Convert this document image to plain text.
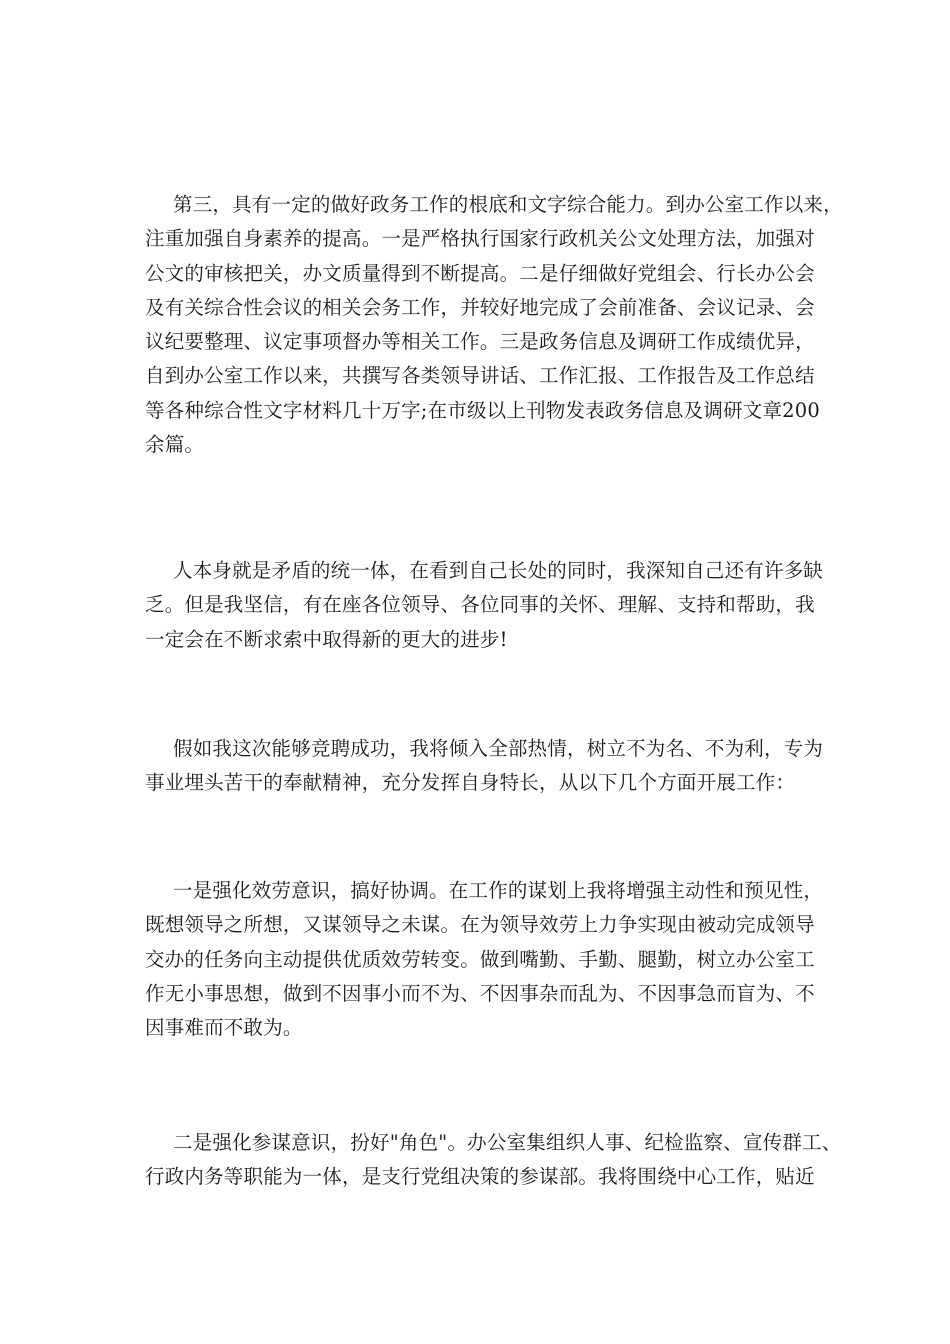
第三，具有一定的做好政务工作的根底和文字综合能力。到办公室工作以来，
注重加强自身素养的提高。一是严格执行国家行政机关公文处理方法，加强对
公文的审核把关，办文质量得到不断提高。二是仔细做好党组会、行长办公会
及有关综合性会议的相关会务工作，并较好地完成了会前准备、会议记录、会
议纪要整理、议定事项督办等相关工作。三是政务信息及调研工作成绩优异，
自到办公室工作以来，共撰写各类领导讲话、工作汇报、工作报告及工作总结
等各种综合性文字材料几十万字;在市级以上刊物发表政务信息及调研文章200
余篇。
人本身就是矛盾的统一体，在看到自己长处的同时，我深知自己还有许多缺
乏。但是我坚信，有在座各位领导、各位同事的关怀、理解、支持和帮助，我
一定会在不断求索中取得新的更大的进步!
假如我这次能够竞聘成功，我将倾入全部热情，树立不为名、不为利，专为
事业埋头苦干的奉献精神，充分发挥自身特长，从以下几个方面开展工作：
一是强化效劳意识，搞好协调。在工作的谋划上我将增强主动性和预见性，
既想领导之所想，又谋领导之未谋。在为领导效劳上力争实现由被动完成领导
交办的任务向主动提供优质效劳转变。做到嘴勤、手勤、腿勤，树立办公室工
作无小事思想，做到不因事小而不为、不因事杂而乱为、不因事急而盲为、不
因事难而不敢为。
二是强化参谋意识，扮好"角色"。办公室集组织人事、纪检监察、宣传群工、
行政内务等职能为一体，是支行党组决策的参谋部。我将围绕中心工作，贴近
